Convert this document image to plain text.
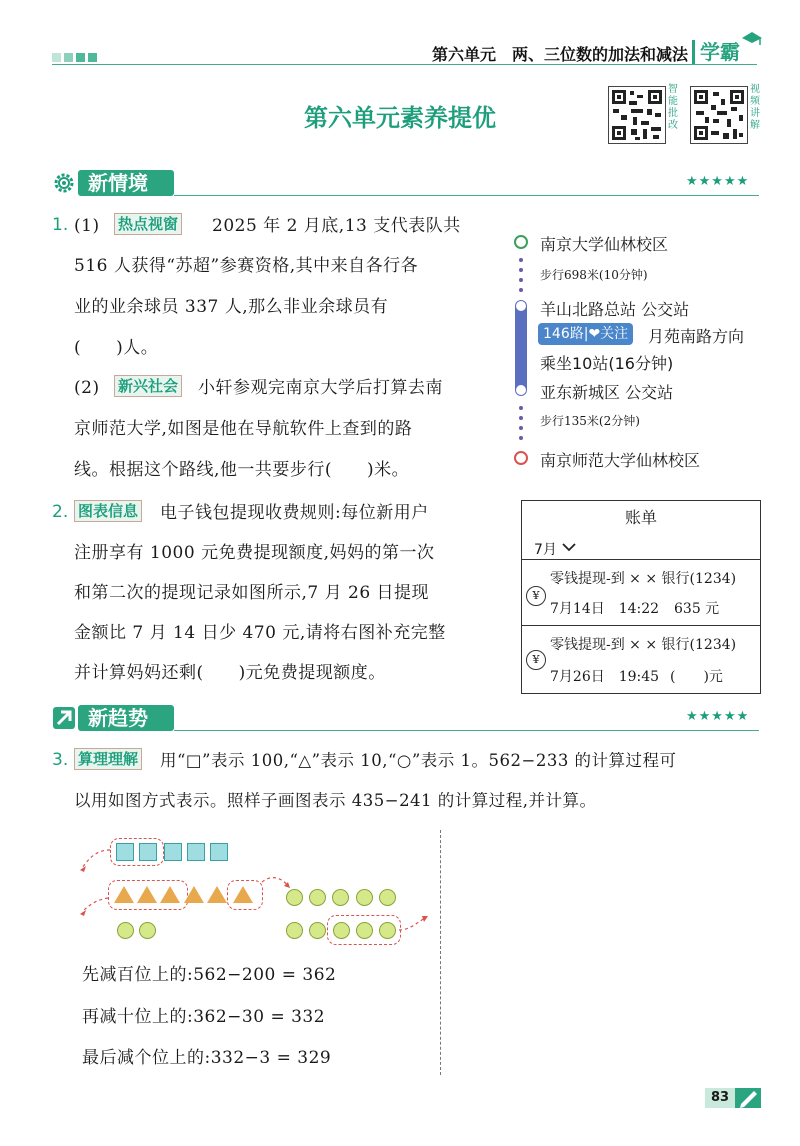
第六单元　两、三位数的加法和减法 学霸
第六单元素养提优
智能批改
视频讲解
新情境	★★★★★
1. (1) 热点视窗 2025 年 2 月底,13 支代表队共
516 人获得“苏超”参赛资格,其中来自各行各
业的业余球员 337 人,那么非业余球员有
(　　)人。
(2) 新兴社会 小轩参观完南京大学后打算去南
京师范大学,如图是他在导航软件上查到的路
线。根据这个路线,他一共要步行(　　)米。
南京大学仙林校区
步行698米(10分钟)
羊山北路总站 公交站
146路|❤关注	月苑南路方向
乘坐10站(16分钟)
亚东新城区 公交站
步行135米(2分钟)
南京师范大学仙林校区
2. 图表信息 电子钱包提现收费规则:每位新用户
注册享有 1000 元免费提现额度,妈妈的第一次
和第二次的提现记录如图所示,7 月 26 日提现
金额比 7 月 14 日少 470 元,请将右图补充完整
并计算妈妈还剩(　　)元免费提现额度。
账单
7月
¥
零钱提现-到 × × 银行(1234)
7月14日　14:22 635 元
¥
零钱提现-到 × × 银行(1234)
7月26日　19:45 (　　)元
新趋势	★★★★★
3. 算理理解 用“□”表示 100,“△”表示 10,“○”表示 1。562−233 的计算过程可
以用如图方式表示。照样子画图表示 435−241 的计算过程,并计算。
先减百位上的:562−200 = 362
再减十位上的:362−30 = 332
最后减个位上的:332−3 = 329
83
